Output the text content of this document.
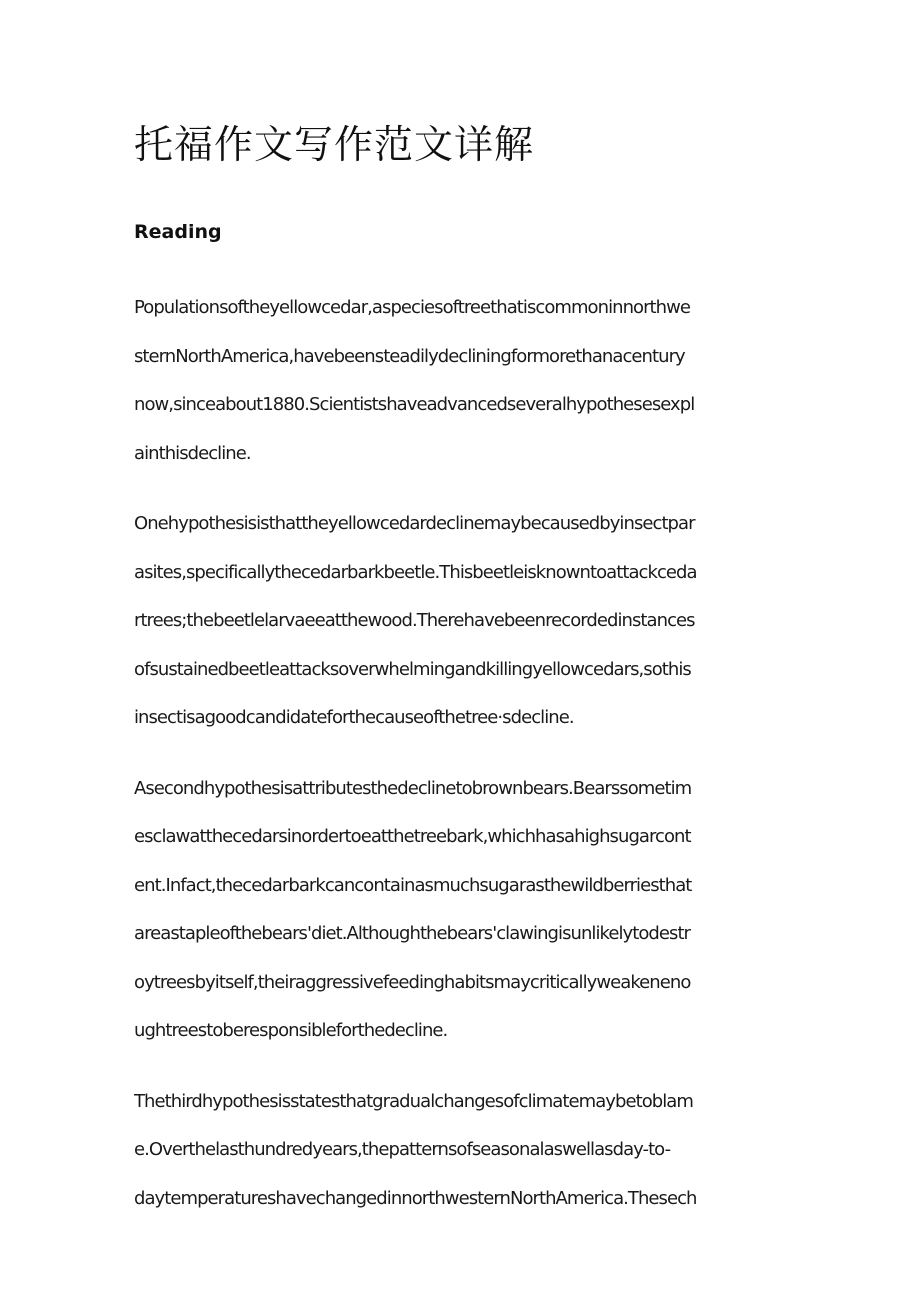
托福作文写作范文详解
Reading

Populationsoftheyellowcedar,aspeciesoftreethatiscommoninnorthwe
sternNorthAmerica,havebeensteadilydecliningformorethanacentury
now,sinceabout1880.Scientistshaveadvancedseveralhypothesesexpl
ainthisdecline.

Onehypothesisisthattheyellowcedardeclinemaybecausedbyinsectpar
asites,specificallythecedarbarkbeetle.Thisbeetleisknowntoattackceda
rtrees;thebeetlelarvaeeatthewood.Therehavebeenrecordedinstances
ofsustainedbeetleattacksoverwhelmingandkillingyellowcedars,sothis
insectisagoodcandidateforthecauseofthetree·sdecline.

Asecondhypothesisattributesthedeclinetobrownbears.Bearssometim
esclawatthecedarsinordertoeatthetreebark,whichhasahighsugarcont
ent.Infact,thecedarbarkcancontainasmuchsugarasthewildberriesthat
areastapleofthebears'diet.Althoughthebears'clawingisunlikelytodestr
oytreesbyitself,theiraggressivefeedinghabitsmaycriticallyweakeneno
ughtreestoberesponsibleforthedecline.

Thethirdhypothesisstatesthatgradualchangesofclimatemaybetoblam
e.Overthelasthundredyears,thepatternsofseasonalaswellasday-to-
daytemperatureshavechangedinnorthwesternNorthAmerica.Thesech
